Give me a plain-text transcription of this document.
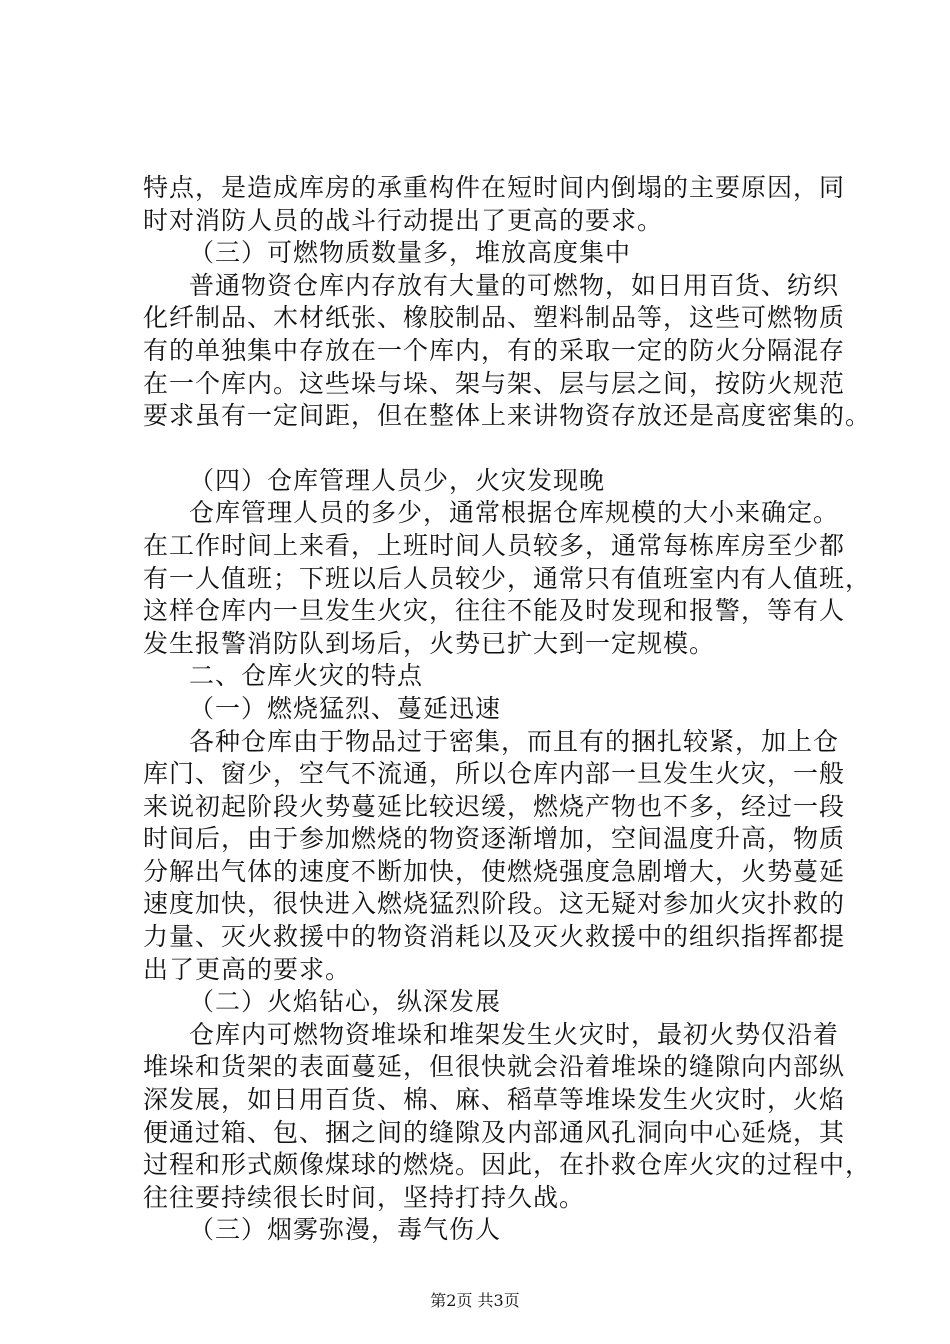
特点，是造成库房的承重构件在短时间内倒塌的主要原因，同
时对消防人员的战斗行动提出了更高的要求。
（三）可燃物质数量多，堆放高度集中
普通物资仓库内存放有大量的可燃物，如日用百货、纺织
化纤制品、木材纸张、橡胶制品、塑料制品等，这些可燃物质
有的单独集中存放在一个库内，有的采取一定的防火分隔混存
在一个库内。这些垛与垛、架与架、层与层之间，按防火规范
要求虽有一定间距，但在整体上来讲物资存放还是高度密集的。
（四）仓库管理人员少，火灾发现晚
仓库管理人员的多少，通常根据仓库规模的大小来确定。
在工作时间上来看，上班时间人员较多，通常每栋库房至少都
有一人值班；下班以后人员较少，通常只有值班室内有人值班，
这样仓库内一旦发生火灾，往往不能及时发现和报警，等有人
发生报警消防队到场后，火势已扩大到一定规模。
二、仓库火灾的特点
（一）燃烧猛烈、蔓延迅速
各种仓库由于物品过于密集，而且有的捆扎较紧，加上仓
库门、窗少，空气不流通，所以仓库内部一旦发生火灾，一般
来说初起阶段火势蔓延比较迟缓，燃烧产物也不多，经过一段
时间后，由于参加燃烧的物资逐渐增加，空间温度升高，物质
分解出气体的速度不断加快，使燃烧强度急剧增大，火势蔓延
速度加快，很快进入燃烧猛烈阶段。这无疑对参加火灾扑救的
力量、灭火救援中的物资消耗以及灭火救援中的组织指挥都提
出了更高的要求。
（二）火焰钻心，纵深发展
仓库内可燃物资堆垛和堆架发生火灾时，最初火势仅沿着
堆垛和货架的表面蔓延，但很快就会沿着堆垛的缝隙向内部纵
深发展，如日用百货、棉、麻、稻草等堆垛发生火灾时，火焰
便通过箱、包、捆之间的缝隙及内部通风孔洞向中心延烧，其
过程和形式颇像煤球的燃烧。因此，在扑救仓库火灾的过程中，
往往要持续很长时间，坚持打持久战。
（三）烟雾弥漫，毒气伤人
第2页 共3页
